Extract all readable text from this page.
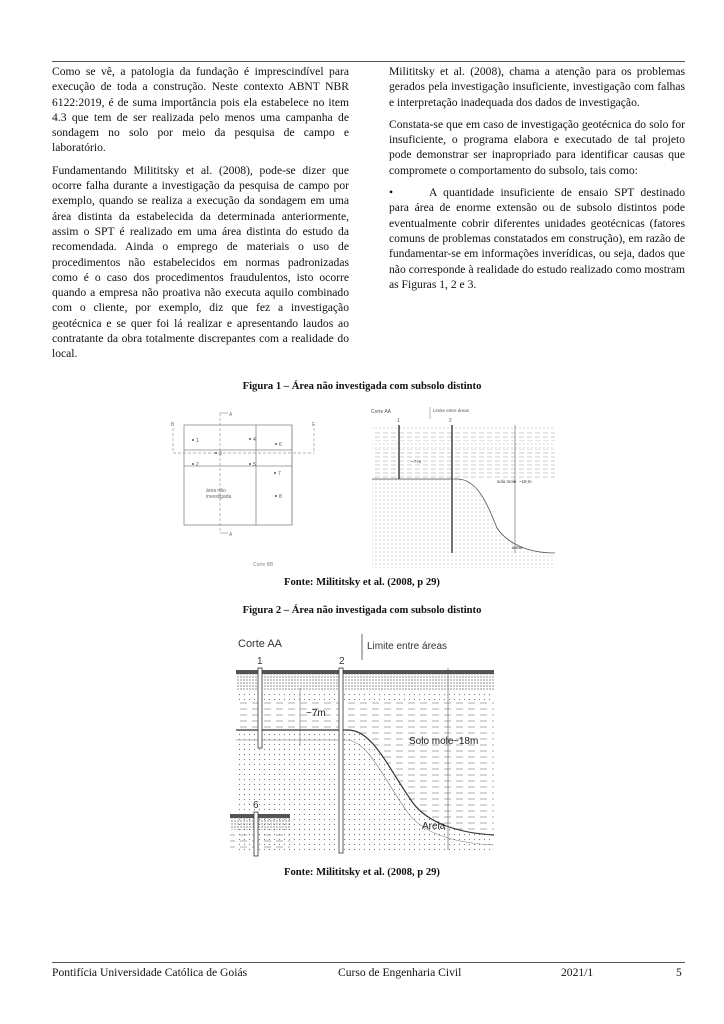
Como se vê, a patologia da fundação é imprescindível para execução de toda a construção. Neste contexto ABNT NBR 6122:2019, é de suma importância pois ela estabelece no item 4.3 que tem de ser realizada pelo menos uma campanha de sondagem no solo por meio da pesquisa de campo e laboratório.

Fundamentando Milititsky et al. (2008), pode-se dizer que ocorre falha durante a investigação da pesquisa de campo por exemplo, quando se realiza a execução da sondagem em uma área distinta da estabelecida da determinada anteriormente, assim o SPT é realizado em uma área distinta do estudo da recomendada. Ainda o emprego de materiais o uso de procedimentos não estabelecidos em normas padronizadas como é o caso dos procedimentos fraudulentos, isto ocorre quando a empresa não proativa não executa aquilo combinado com o cliente, por exemplo, diz que fez a investigação geotécnica e se quer foi lá realizar e apresentando laudos ao contratante da obra totalmente discrepantes com a realidade do local.

Milititsky et al. (2008), chama a atenção para os problemas gerados pela investigação insuficiente, investigação com falhas e interpretação inadequada dos dados de investigação.

Constata-se que em caso de investigação geotécnica do solo for insuficiente, o programa elabora e executado de tal projeto pode demonstrar ser inapropriado para identificar causas que compromete o comportamento do subsolo, tais como:

•	A quantidade insuficiente de ensaio SPT destinado para área de enorme extensão ou de subsolo distintos pode eventualmente cobrir diferentes unidades geotécnicas (fatores comuns de problemas constatados em construção), em razão de fundamentar-se em informações inverídicas, ou seja, dados que não corresponde à realidade do estudo realizado como mostram as Figuras 1, 2 e 3.

Figura 1 – Área não investigada com subsolo distinto
A
A
B	E
1
2
3
4
5
6
7
8
área não
investigada
Corte BB
Corte AA	Limite entre áreas
1	2
~7 m
solo mole ~18 m
areia
Fonte: Milititsky et al. (2008, p 29)
Figura 2 – Área não investigada com subsolo distinto
Corte AA	Limite entre áreas
1	2
~7m
Solo mole ~18m
Areia
6
Fonte: Milititsky et al. (2008, p 29)
Pontifícia Universidade Católica de Goiás	Curso de Engenharia Civil	2021/1	5
